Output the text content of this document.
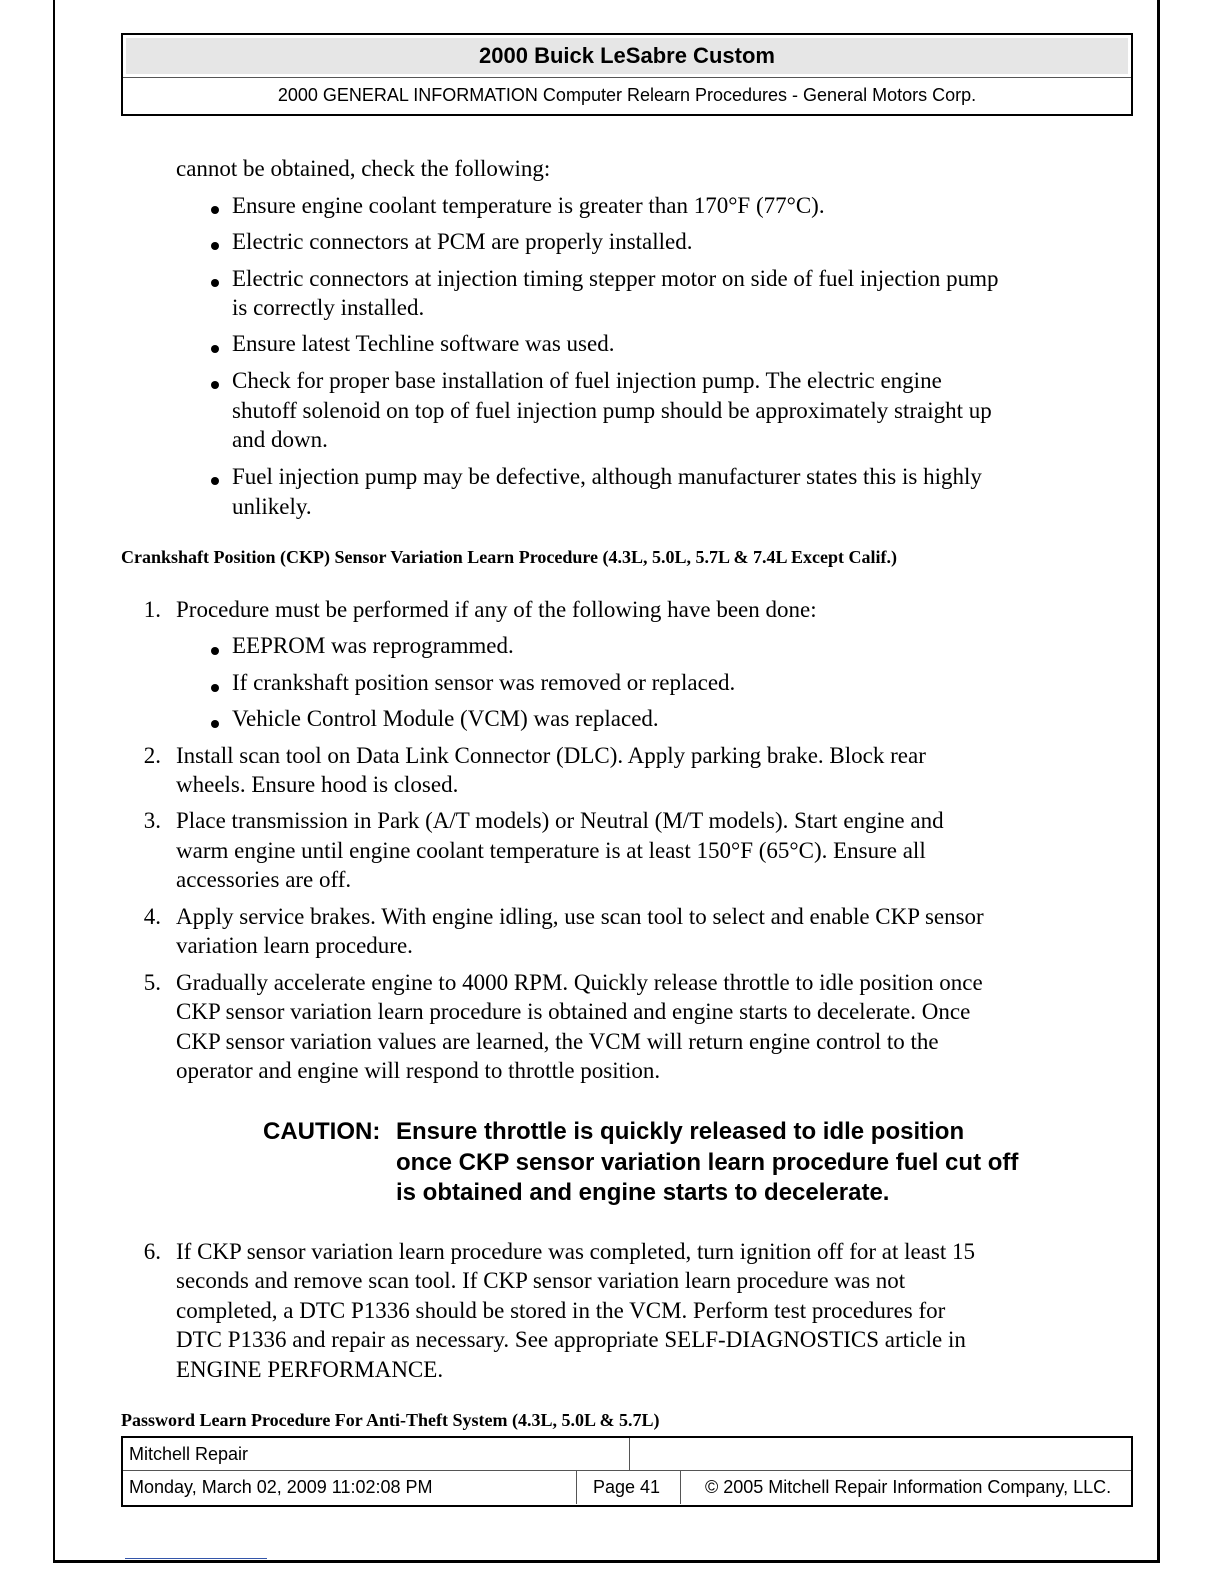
2000 Buick LeSabre Custom
2000 GENERAL INFORMATION Computer Relearn Procedures - General Motors Corp.
cannot be obtained, check the following:
Ensure engine coolant temperature is greater than 170°F (77°C).
Electric connectors at PCM are properly installed.
Electric connectors at injection timing stepper motor on side of fuel injection pump
is correctly installed.
Ensure latest Techline software was used.
Check for proper base installation of fuel injection pump. The electric engine
shutoff solenoid on top of fuel injection pump should be approximately straight up
and down.
Fuel injection pump may be defective, although manufacturer states this is highly
unlikely.
Crankshaft Position (CKP) Sensor Variation Learn Procedure (4.3L, 5.0L, 5.7L & 7.4L Except Calif.)
1. Procedure must be performed if any of the following have been done:
EEPROM was reprogrammed.
If crankshaft position sensor was removed or replaced.
Vehicle Control Module (VCM) was replaced.
2. Install scan tool on Data Link Connector (DLC). Apply parking brake. Block rear
wheels. Ensure hood is closed.
3. Place transmission in Park (A/T models) or Neutral (M/T models). Start engine and
warm engine until engine coolant temperature is at least 150°F (65°C). Ensure all
accessories are off.
4. Apply service brakes. With engine idling, use scan tool to select and enable CKP sensor
variation learn procedure.
5. Gradually accelerate engine to 4000 RPM. Quickly release throttle to idle position once
CKP sensor variation learn procedure is obtained and engine starts to decelerate. Once
CKP sensor variation values are learned, the VCM will return engine control to the
operator and engine will respond to throttle position.
CAUTION: Ensure throttle is quickly released to idle position
once CKP sensor variation learn procedure fuel cut off
is obtained and engine starts to decelerate.
6. If CKP sensor variation learn procedure was completed, turn ignition off for at least 15
seconds and remove scan tool. If CKP sensor variation learn procedure was not
completed, a DTC P1336 should be stored in the VCM. Perform test procedures for
DTC P1336 and repair as necessary. See appropriate SELF-DIAGNOSTICS article in
ENGINE PERFORMANCE.
Password Learn Procedure For Anti-Theft System (4.3L, 5.0L & 5.7L)
Mitchell Repair
Monday, March 02, 2009 11:02:08 PM	Page 41 © 2005 Mitchell Repair Information Company, LLC.
